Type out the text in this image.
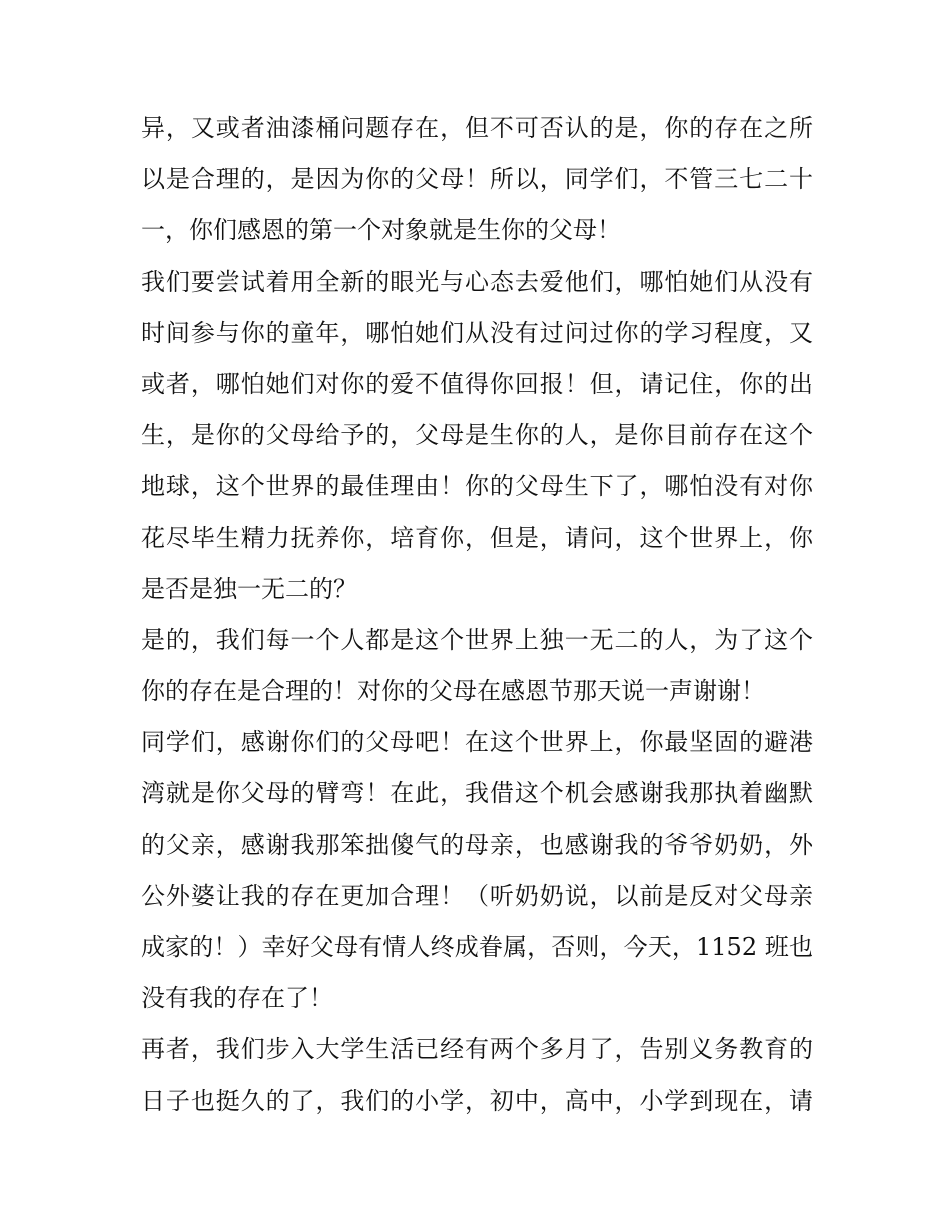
异，又或者油漆桶问题存在，但不可否认的是，你的存在之所
以是合理的，是因为你的父母！所以，同学们，不管三七二十
一，你们感恩的第一个对象就是生你的父母！
我们要尝试着用全新的眼光与心态去爱他们，哪怕她们从没有
时间参与你的童年，哪怕她们从没有过问过你的学习程度，又
或者，哪怕她们对你的爱不值得你回报！但，请记住，你的出
生，是你的父母给予的，父母是生你的人，是你目前存在这个
地球，这个世界的最佳理由！你的父母生下了，哪怕没有对你
花尽毕生精力抚养你，培育你，但是，请问，这个世界上，你
是否是独一无二的？
是的，我们每一个人都是这个世界上独一无二的人，为了这个
你的存在是合理的！对你的父母在感恩节那天说一声谢谢！
同学们，感谢你们的父母吧！在这个世界上，你最坚固的避港
湾就是你父母的臂弯！在此，我借这个机会感谢我那执着幽默
的父亲，感谢我那笨拙傻气的母亲，也感谢我的爷爷奶奶，外
公外婆让我的存在更加合理！（听奶奶说，以前是反对父母亲
成家的！）幸好父母有情人终成眷属，否则，今天，1152 班也
没有我的存在了！
再者，我们步入大学生活已经有两个多月了，告别义务教育的
日子也挺久的了，我们的小学，初中，高中，小学到现在，请
